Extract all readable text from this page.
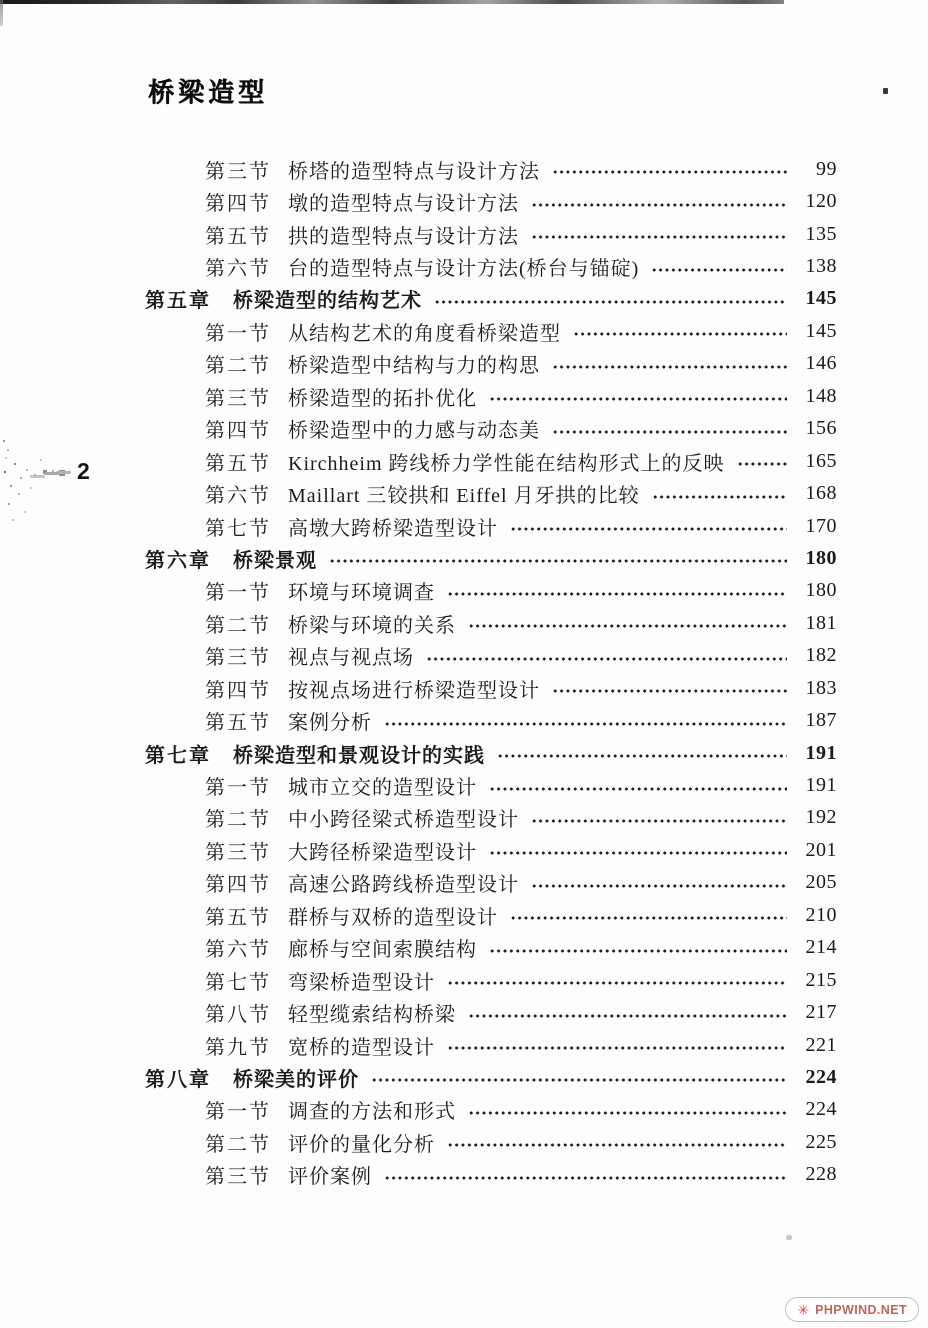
桥梁造型
2
第三节 桥塔的造型特点与设计方法	99
第四节 墩的造型特点与设计方法	120
第五节 拱的造型特点与设计方法	135
第六节 台的造型特点与设计方法(桥台与锚碇)	138
第五章	桥梁造型的结构艺术	145
第一节 从结构艺术的角度看桥梁造型	145
第二节 桥梁造型中结构与力的构思	146
第三节 桥梁造型的拓扑优化	148
第四节 桥梁造型中的力感与动态美	156
第五节 Kirchheim 跨线桥力学性能在结构形式上的反映	165
第六节 Maillart 三铰拱和 Eiffel 月牙拱的比较	168
第七节 高墩大跨桥梁造型设计	170
第六章	桥梁景观	180
第一节 环境与环境调查	180
第二节 桥梁与环境的关系	181
第三节 视点与视点场	182
第四节 按视点场进行桥梁造型设计	183
第五节 案例分析	187
第七章	桥梁造型和景观设计的实践	191
第一节 城市立交的造型设计	191
第二节 中小跨径梁式桥造型设计	192
第三节 大跨径桥梁造型设计	201
第四节 高速公路跨线桥造型设计	205
第五节 群桥与双桥的造型设计	210
第六节 廊桥与空间索膜结构	214
第七节 弯梁桥造型设计	215
第八节 轻型缆索结构桥梁	217
第九节 宽桥的造型设计	221
第八章	桥梁美的评价	224
第一节 调查的方法和形式	224
第二节 评价的量化分析	225
第三节 评价案例	228
✳ PHPWIND.NET
